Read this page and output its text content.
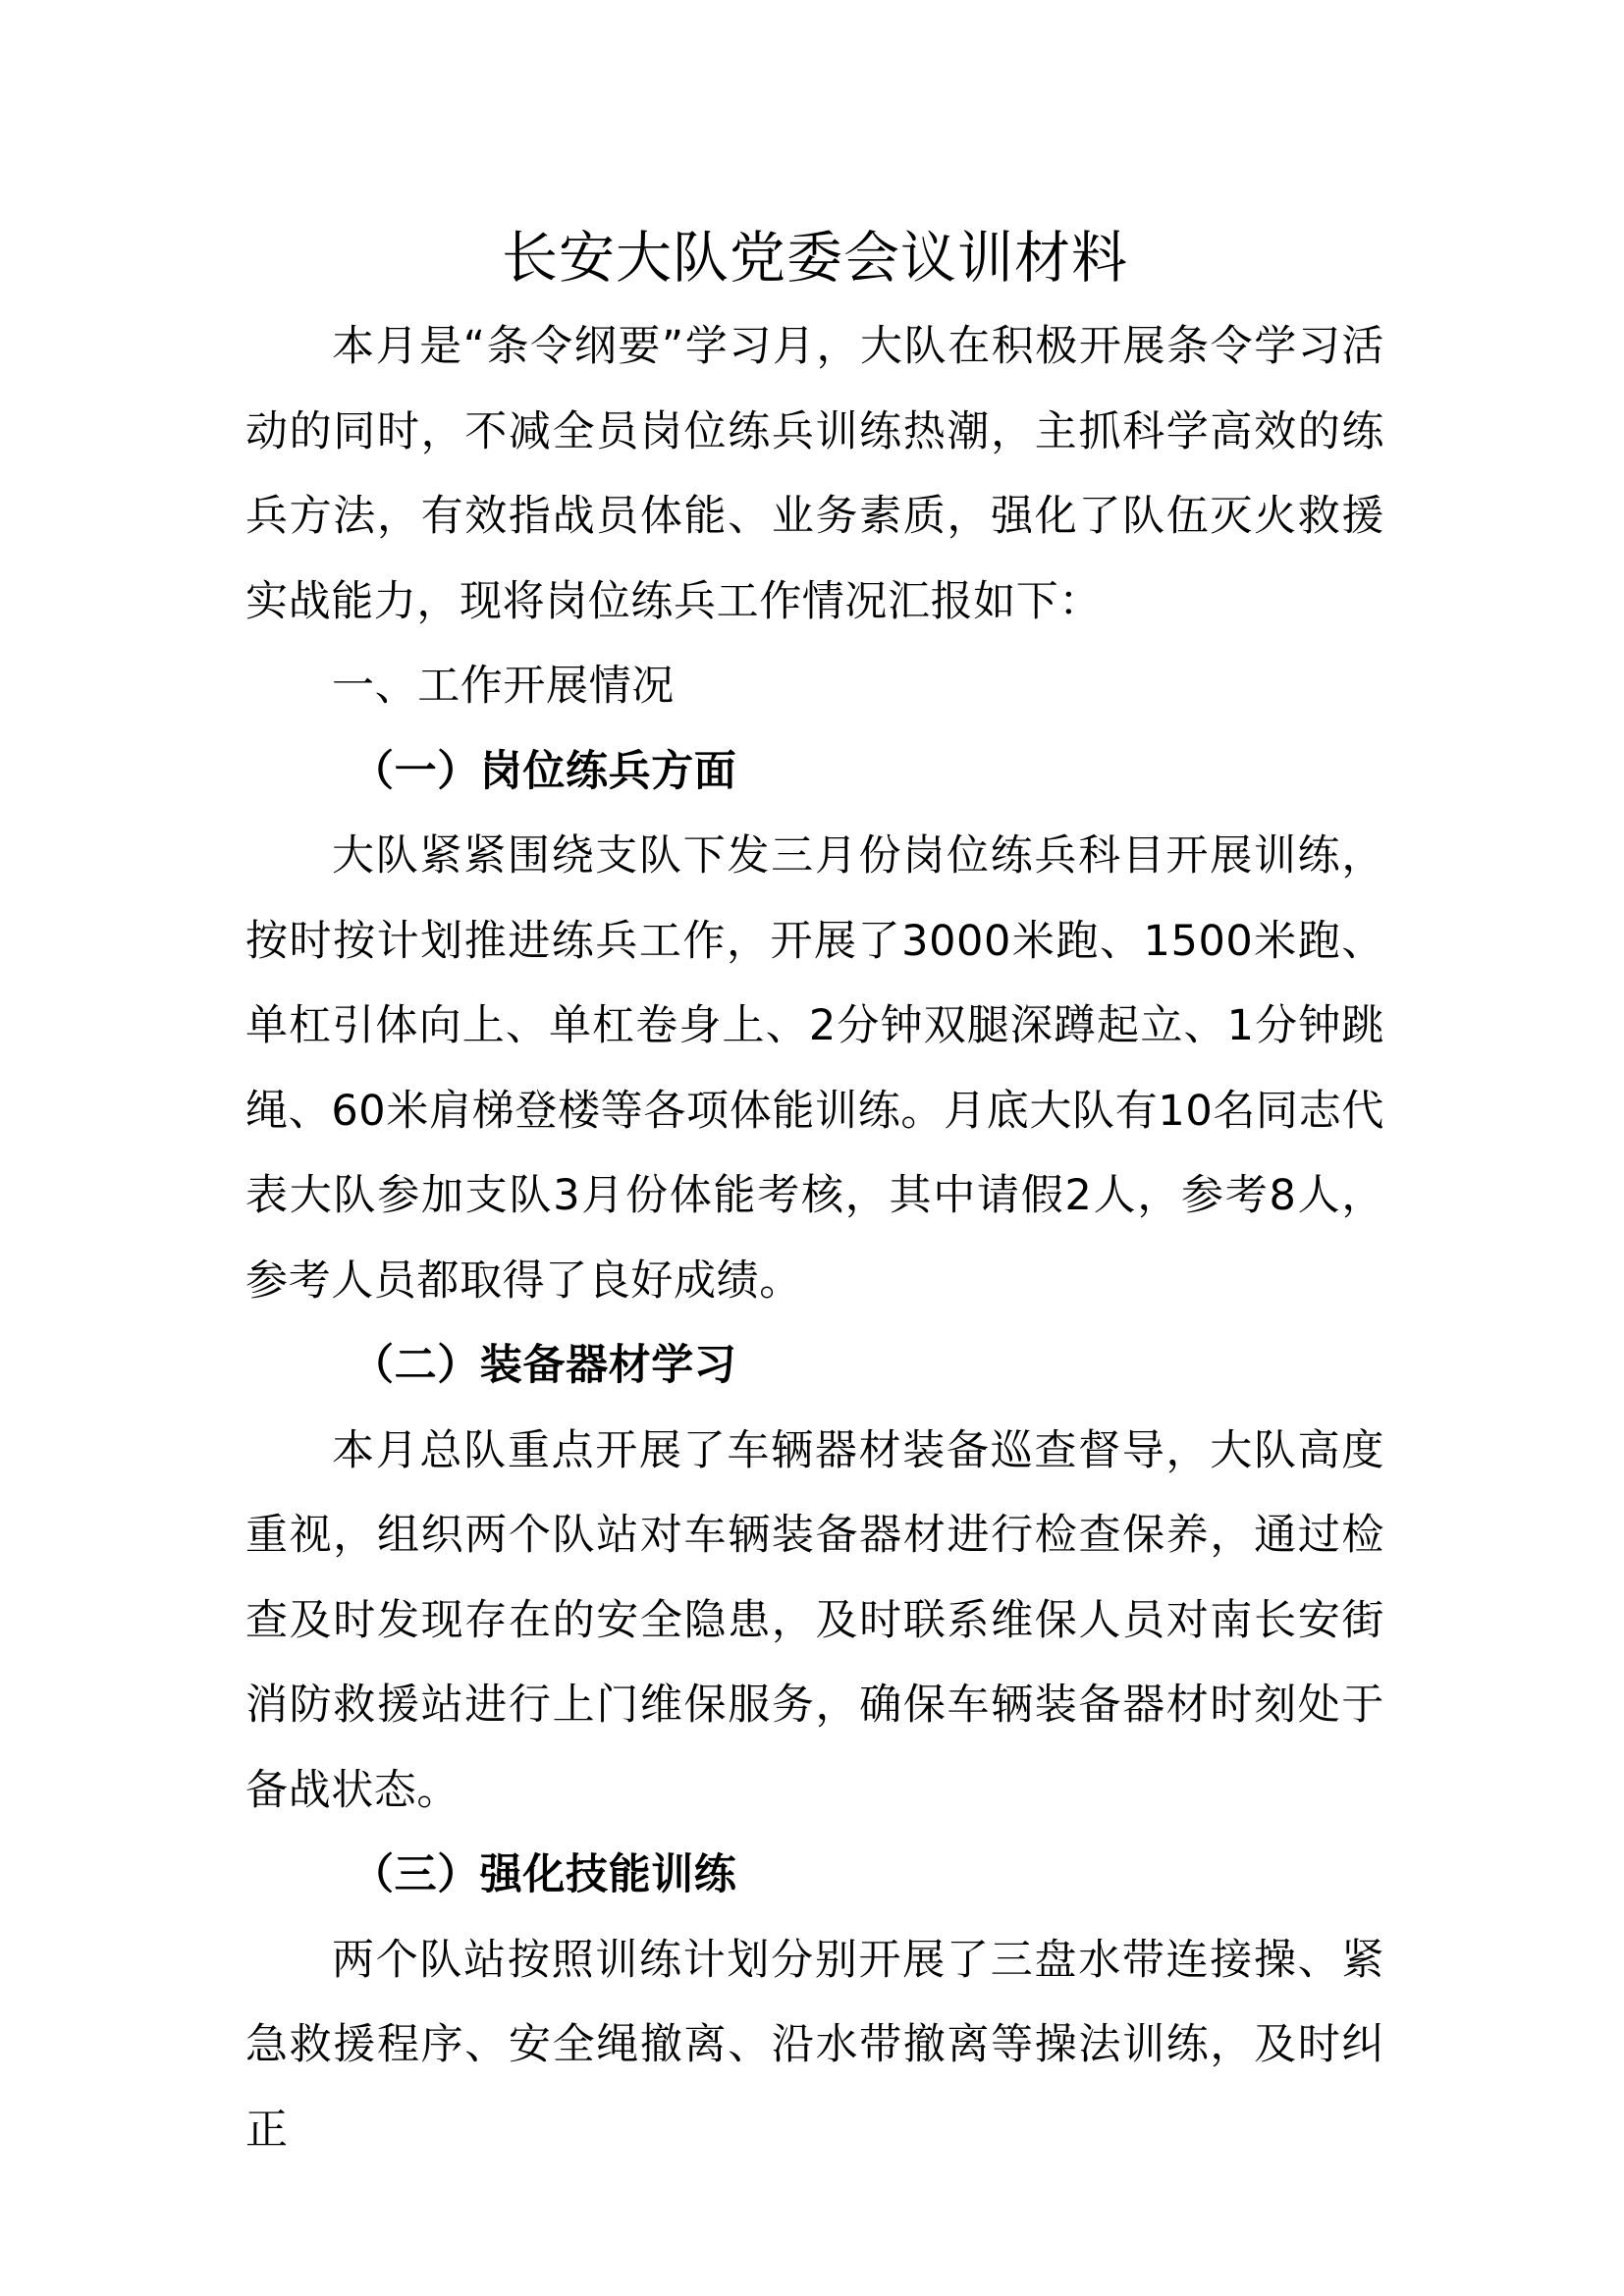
长安大队党委会议训材料

本月是“条令纲要”学习月，大队在积极开展条令学习活动的同时，不减全员岗位练兵训练热潮，主抓科学高效的练兵方法，有效指战员体能、业务素质，强化了队伍灭火救援实战能力，现将岗位练兵工作情况汇报如下：

一、工作开展情况

（一）岗位练兵方面

大队紧紧围绕支队下发三月份岗位练兵科目开展训练，按时按计划推进练兵工作，开展了3000米跑、1500米跑、单杠引体向上、单杠卷身上、2分钟双腿深蹲起立、1分钟跳绳、60米肩梯登楼等各项体能训练。月底大队有10名同志代表大队参加支队3月份体能考核，其中请假2人，参考8人，参考人员都取得了良好成绩。

（二）装备器材学习

本月总队重点开展了车辆器材装备巡查督导，大队高度重视，组织两个队站对车辆装备器材进行检查保养，通过检查及时发现存在的安全隐患，及时联系维保人员对南长安街消防救援站进行上门维保服务，确保车辆装备器材时刻处于备战状态。

（三）强化技能训练

两个队站按照训练计划分别开展了三盘水带连接操、紧急救援程序、安全绳撤离、沿水带撤离等操法训练，及时纠正
